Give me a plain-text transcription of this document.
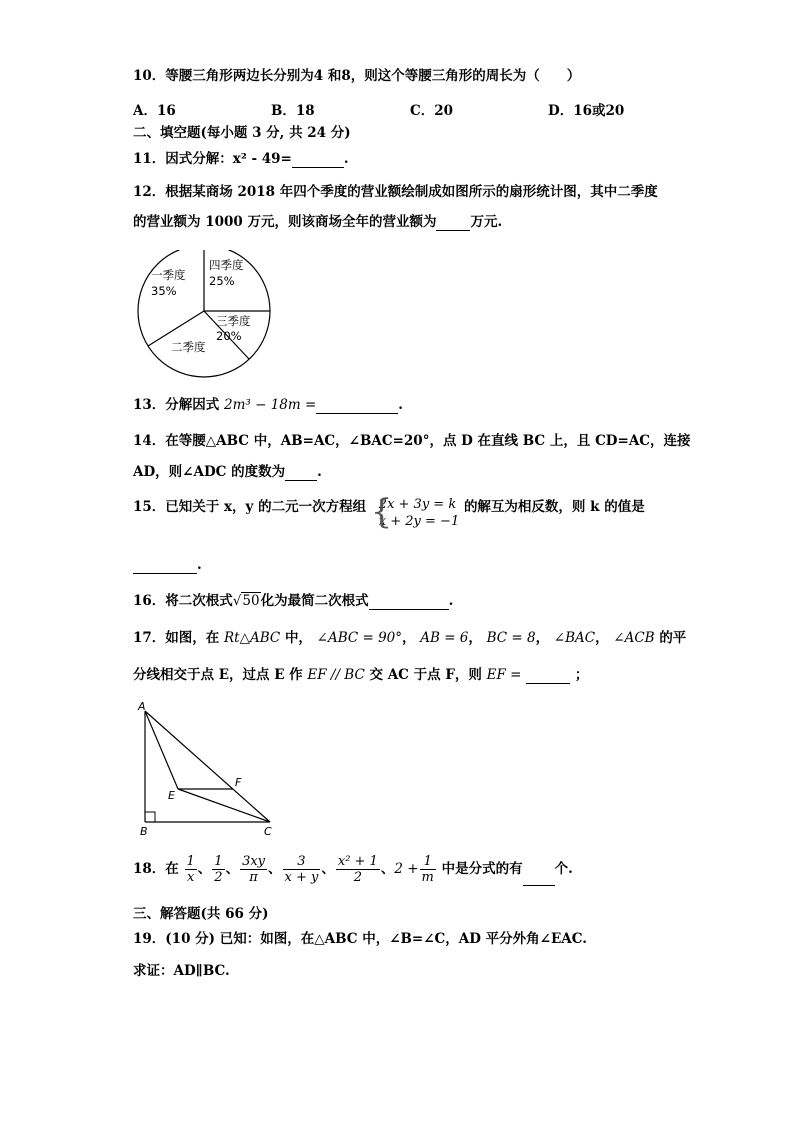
10．等腰三角形两边长分别为4 和8，则这个等腰三角形的周长为（　　）
A．16	B．18	C．20	D．16或20
二、填空题(每小题 3 分, 共 24 分)
11．因式分解：x² - 49=	.
12．根据某商场 2018 年四个季度的营业额绘制成如图所示的扇形统计图，其中二季度
的营业额为 1000 万元，则该商场全年的营业额为	万元.
一季度
35%
四季度
25%
三季度
20%
二季度
13．分解因式 2m³ − 18m =	.
14．在等腰△ABC 中，AB=AC，∠BAC=20°，点 D 在直线 BC 上，且 CD=AC，连接
AD，则∠ADC 的度数为 .
15．已知关于 x，y 的二元一次方程组 {
2x + 3y = k
x + 2y = −1
的解互为相反数，则 k 的值是
.
16．将二次根式√50化为最简二次根式	.
17．如图，在 Rt△ABC 中， ∠ABC = 90°， AB = 6， BC = 8， ∠BAC， ∠ACB 的平
分线相交于点 E，过点 E 作 EF // BC 交 AC 于点 F，则 EF =	；
A
B	C
E
F
18．在 $\frac{1}{x}$ 、 $\frac{1}{2}$ 、 $\frac{3xy}{\pi}$ 、 $\frac{3}{x + y}$ 、 $\frac{\text{x² + 1}}{2}$ 、$2 + \frac{1}{m}$ 中是分式的有 个.
三、解答题(共 66 分)
19．(10 分) 已知：如图，在△ABC 中，∠B=∠C，AD 平分外角∠EAC.
求证：AD∥BC.
